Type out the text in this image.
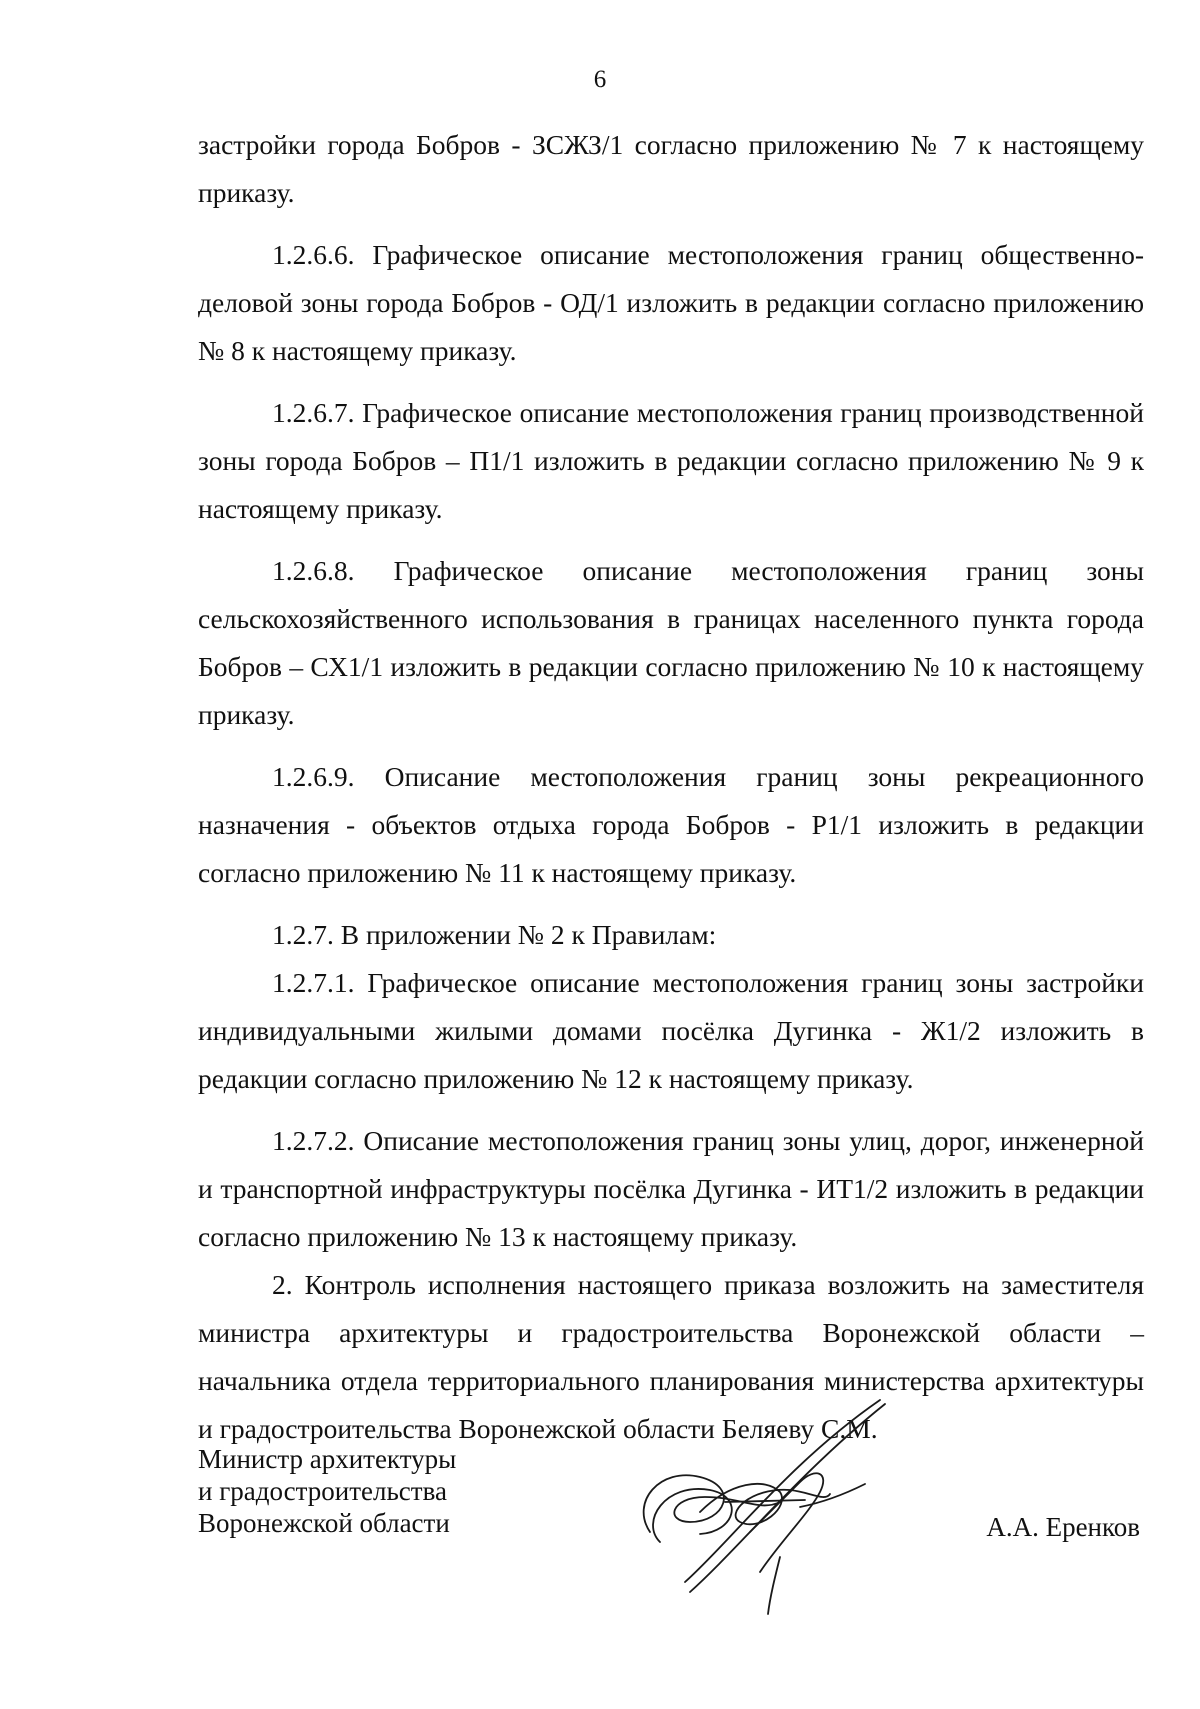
6

застройки города Бобров - ЗСЖЗ/1 согласно приложению № 7 к настоящему приказу.

1.2.6.6. Графическое описание местоположения границ общественно-деловой зоны города Бобров - ОД/1 изложить в редакции согласно приложению № 8 к настоящему приказу.

1.2.6.7. Графическое описание местоположения границ производственной зоны города Бобров – П1/1 изложить в редакции согласно приложению № 9 к настоящему приказу.

1.2.6.8. Графическое описание местоположения границ зоны сельскохозяйственного использования в границах населенного пункта города Бобров – СХ1/1 изложить в редакции согласно приложению № 10 к настоящему приказу.

1.2.6.9. Описание местоположения границ зоны рекреационного назначения - объектов отдыха города Бобров - Р1/1 изложить в редакции согласно приложению № 11 к настоящему приказу.

1.2.7. В приложении № 2 к Правилам:

1.2.7.1. Графическое описание местоположения границ зоны застройки индивидуальными жилыми домами посёлка Дугинка - Ж1/2 изложить в редакции согласно приложению № 12 к настоящему приказу.

1.2.7.2. Описание местоположения границ зоны улиц, дорог, инженерной и транспортной инфраструктуры посёлка Дугинка - ИТ1/2 изложить в редакции согласно приложению № 13 к настоящему приказу.

2. Контроль исполнения настоящего приказа возложить на заместителя министра архитектуры и градостроительства Воронежской области – начальника отдела территориального планирования министерства архитектуры и градостроительства Воронежской области Беляеву С.М.

Министр архитектуры
и градостроительства
Воронежской области	А.А. Еренков
